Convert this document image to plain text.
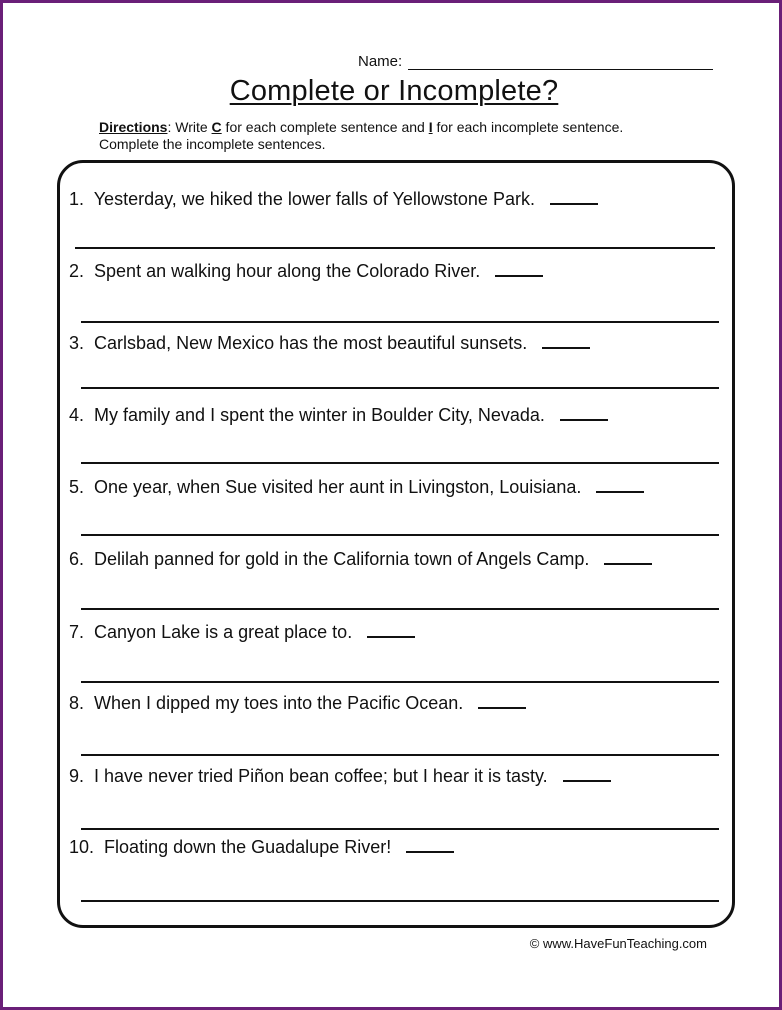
Name:
Complete or Incomplete?
Directions: Write C for each complete sentence and I for each incomplete sentence.
Complete the incomplete sentences.
1. Yesterday, we hiked the lower falls of Yellowstone Park.
2. Spent an walking hour along the Colorado River.
3. Carlsbad, New Mexico has the most beautiful sunsets.
4. My family and I spent the winter in Boulder City, Nevada.
5. One year, when Sue visited her aunt in Livingston, Louisiana.
6. Delilah panned for gold in the California town of Angels Camp.
7. Canyon Lake is a great place to.
8. When I dipped my toes into the Pacific Ocean.
9. I have never tried Piñon bean coffee; but I hear it is tasty.
10. Floating down the Guadalupe River!
© www.HaveFunTeaching.com
